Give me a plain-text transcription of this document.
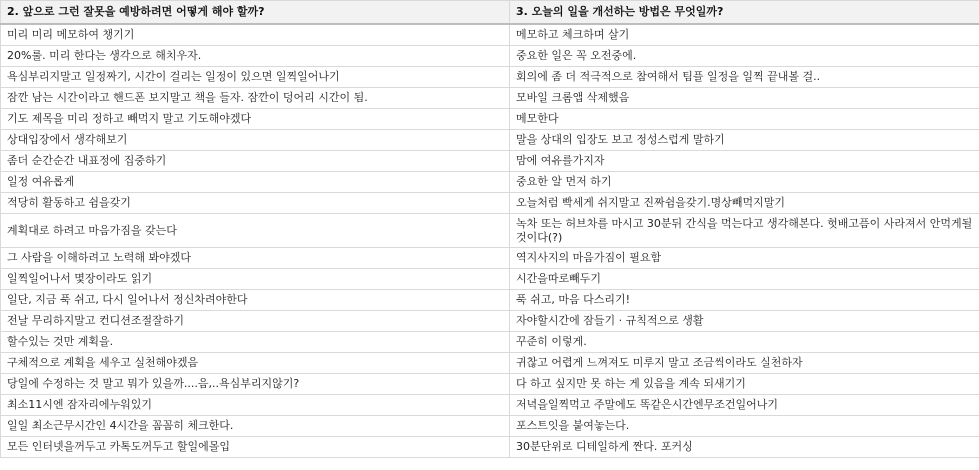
2. 앞으로 그런 잘못을 예방하려면 어떻게 해야 할까?	3. 오늘의 일을 개선하는 방법은 무엇일까?
미리 미리 메모하여 챙기기	메모하고 체크하며 살기
20%룰. 미리 한다는 생각으로 해치우자.	중요한 일은 꼭 오전중에.
욕심부리지말고 일정짜기, 시간이 걸리는 일정이 있으면 일찍일어나기	회의에 좀 더 적극적으로 참여해서 팀플 일정을 일찍 끝내볼 걸..
잠깐 남는 시간이라고 핸드폰 보지말고 책을 들자. 잠깐이 덩어리 시간이 됨.	모바일 크롬앱 삭제했음
기도 제목을 미리 정하고 빼먹지 말고 기도해야겠다	메모한다
상대입장에서 생각해보기	말을 상대의 입장도 보고 정성스럽게 말하기
좀더 순간순간 내표정에 집중하기	맘에 여유를가지자
일정 여유롭게	중요한 알 먼저 하기
적당히 활동하고 쉼을갖기	오늘처럼 빡세게 쉬지말고 진짜쉼을갖기.명상빼먹지말기
계획대로 하려고 마음가짐을 갖는다	녹차 또는 허브차를 마시고 30분뒤 간식을 먹는다고 생각해본다. 헛배고픔이 사라져서 안먹게될것이다(?)
그 사람을 이해하려고 노력해 봐야겠다	역지사지의 마음가짐이 필요함
일찍일어나서 몇장이라도 읽기	시간을따로빼두기
일단, 지금 푹 쉬고, 다시 일어나서 정신차려야한다	푹 쉬고, 마음 다스리기!
전날 무리하지말고 컨디션조절잘하기	자야할시간에 잠들기 · 규칙적으로 생활
할수있는 것만 계획을.	꾸준히 이렇게.
구체적으로 계획을 세우고 실천해야겠음	귀찮고 어렵게 느껴져도 미루지 말고 조금씩이라도 실천하자
당일에 수정하는 것 말고 뭐가 있을까....음,..욕심부리지않기?	다 하고 싶지만 못 하는 게 있음을 계속 되새기기
최소11시엔 잠자리에누워있기	저녁을일찍먹고 주말에도 똑같은시간엔무조건일어나기
일일 최소근무시간인 4시간을 꼼꼼히 체크한다.	포스트잇을 붙여놓는다.
모든 인터넷을꺼두고 카톡도꺼두고 할일에몰입	30분단위로 디테일하게 짠다. 포커싱
